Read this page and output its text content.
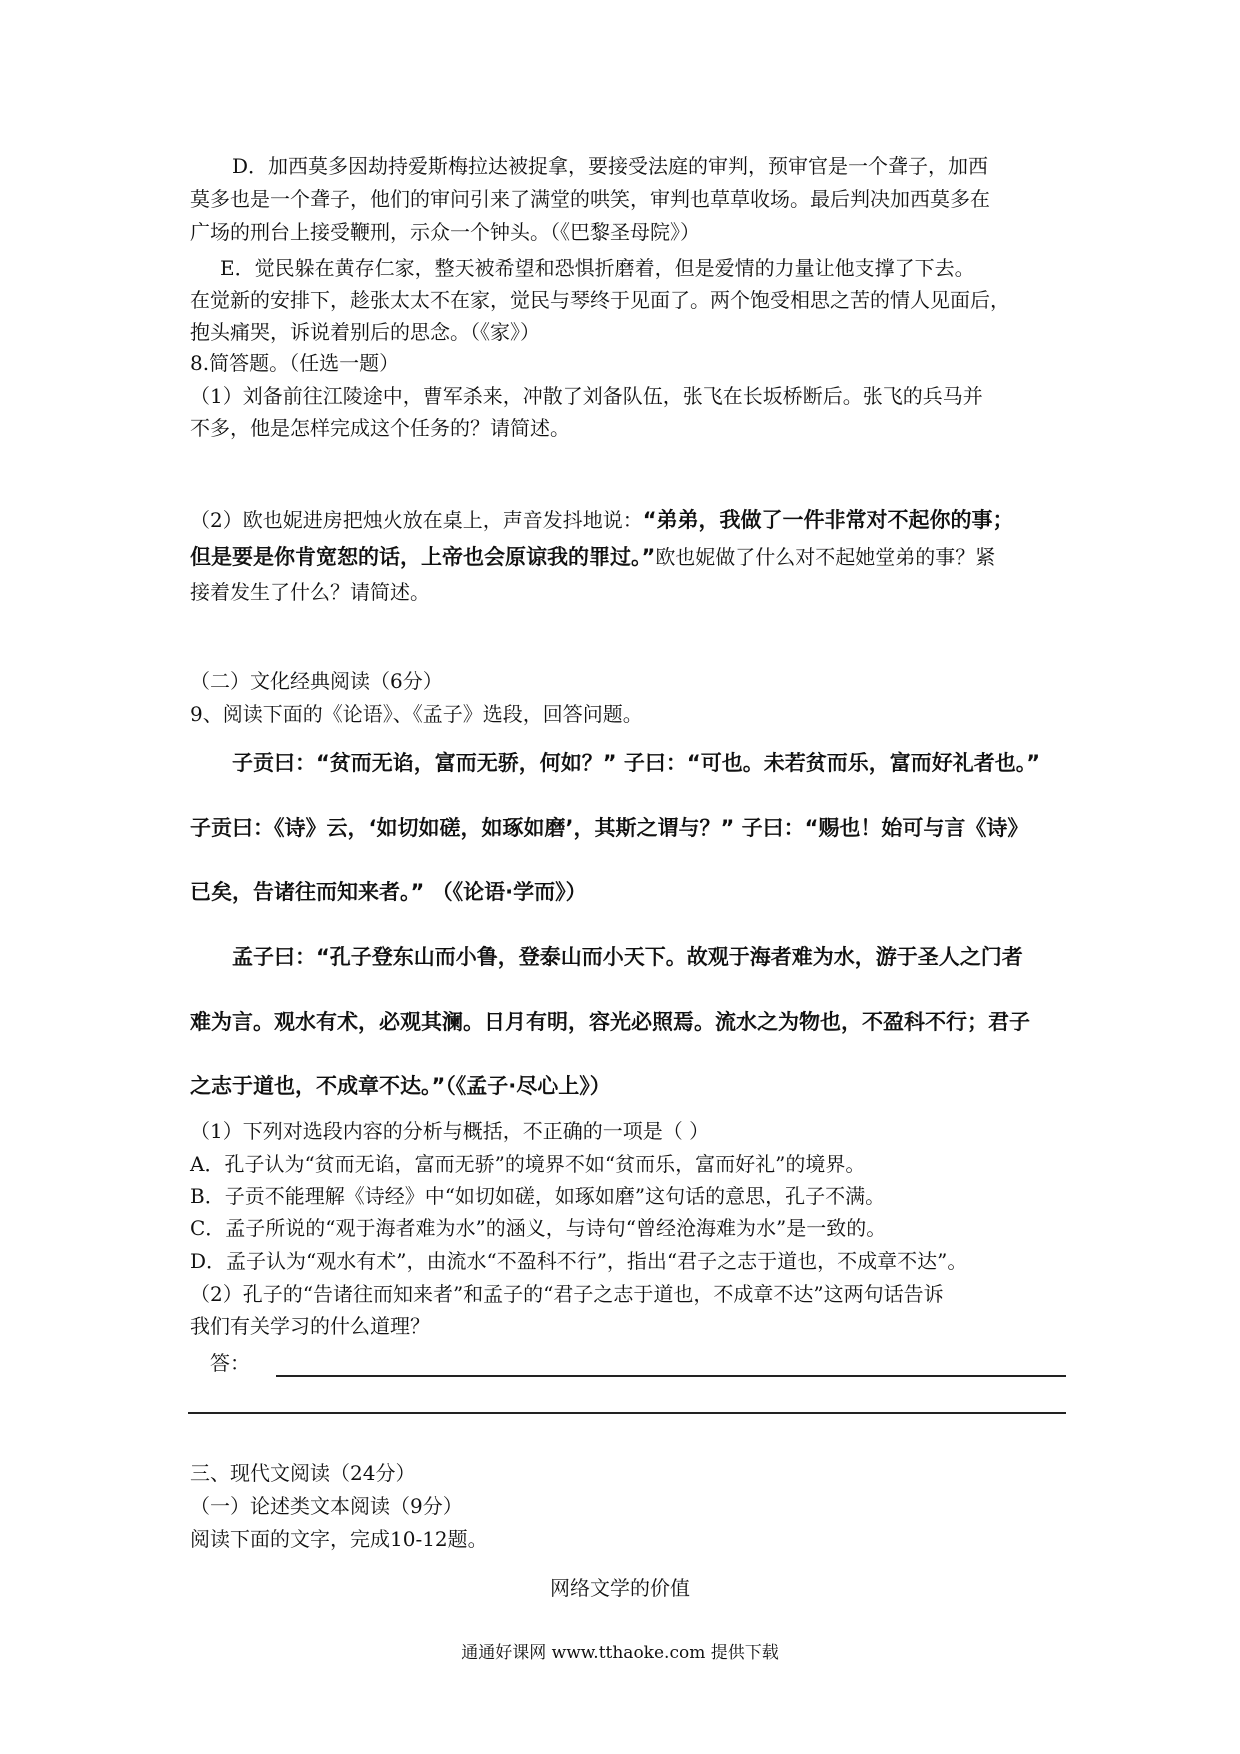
D．加西莫多因劫持爱斯梅拉达被捉拿，要接受法庭的审判，预审官是一个聋子，加西
莫多也是一个聋子，他们的审问引来了满堂的哄笑，审判也草草收场。最后判决加西莫多在
广场的刑台上接受鞭刑，示众一个钟头。（《巴黎圣母院》）
E．觉民躲在黄存仁家，整天被希望和恐惧折磨着，但是爱情的力量让他支撑了下去。
在觉新的安排下，趁张太太不在家，觉民与琴终于见面了。两个饱受相思之苦的情人见面后，
抱头痛哭，诉说着别后的思念。（《家》）
8.简答题。（任选一题）
（1）刘备前往江陵途中，曹军杀来，冲散了刘备队伍，张飞在长坂桥断后。张飞的兵马并
不多，他是怎样完成这个任务的？请简述。
（2）欧也妮进房把烛火放在桌上，声音发抖地说：“弟弟，我做了一件非常对不起你的事；
但是要是你肯宽恕的话，上帝也会原谅我的罪过。”欧也妮做了什么对不起她堂弟的事？紧
接着发生了什么？请简述。
（二）文化经典阅读（6分）
9、阅读下面的《论语》、《孟子》选段，回答问题。
子贡曰：“贫而无谄，富而无骄，何如？” 子曰：“可也。未若贫而乐，富而好礼者也。”
子贡曰：《诗》云，‘如切如磋，如琢如磨’，其斯之谓与？” 子曰：“赐也！始可与言《诗》
已矣，告诸往而知来者。” （《论语·学而》）
孟子曰：“孔子登东山而小鲁，登泰山而小天下。故观于海者难为水，游于圣人之门者
难为言。观水有术，必观其澜。日月有明，容光必照焉。流水之为物也，不盈科不行；君子
之志于道也，不成章不达。”（《孟子·尽心上》）
（1）下列对选段内容的分析与概括，不正确的一项是（ ）
A．孔子认为“贫而无谄，富而无骄”的境界不如“贫而乐，富而好礼”的境界。
B．子贡不能理解《诗经》中“如切如磋，如琢如磨”这句话的意思，孔子不满。
C．孟子所说的“观于海者难为水”的涵义，与诗句“曾经沧海难为水”是一致的。
D．孟子认为“观水有术”，由流水“不盈科不行”，指出“君子之志于道也，不成章不达”。
（2）孔子的“告诸往而知来者”和孟子的“君子之志于道也，不成章不达”这两句话告诉
我们有关学习的什么道理？
答：
三、现代文阅读（24分）
（一）论述类文本阅读（9分）
阅读下面的文字，完成10-12题。
网络文学的价值
通通好课网 www.tthaoke.com 提供下载
